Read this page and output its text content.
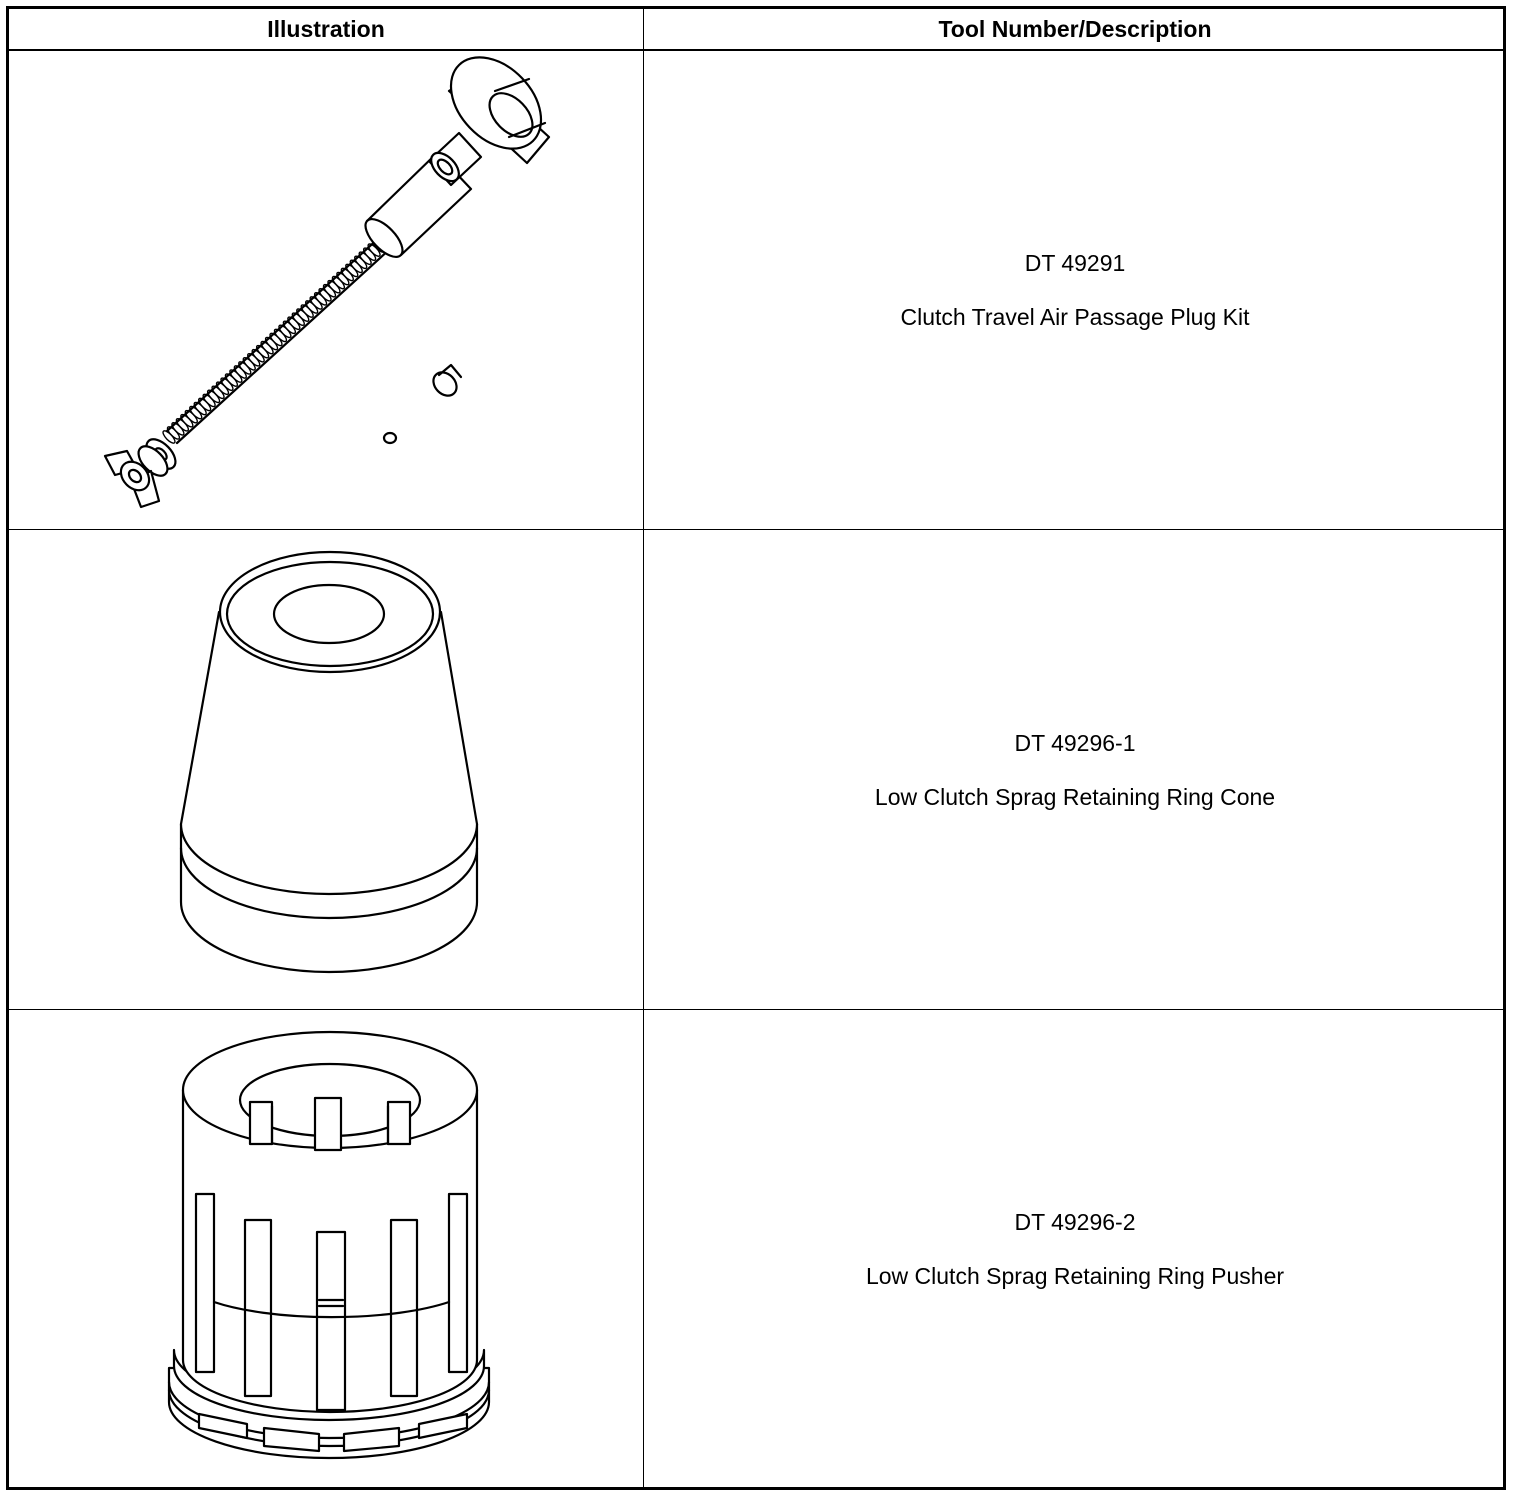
Illustration	Tool Number/Description
DT 49291
Clutch Travel Air Passage Plug Kit
DT 49296-1
Low Clutch Sprag Retaining Ring Cone
DT 49296-2
Low Clutch Sprag Retaining Ring Pusher
